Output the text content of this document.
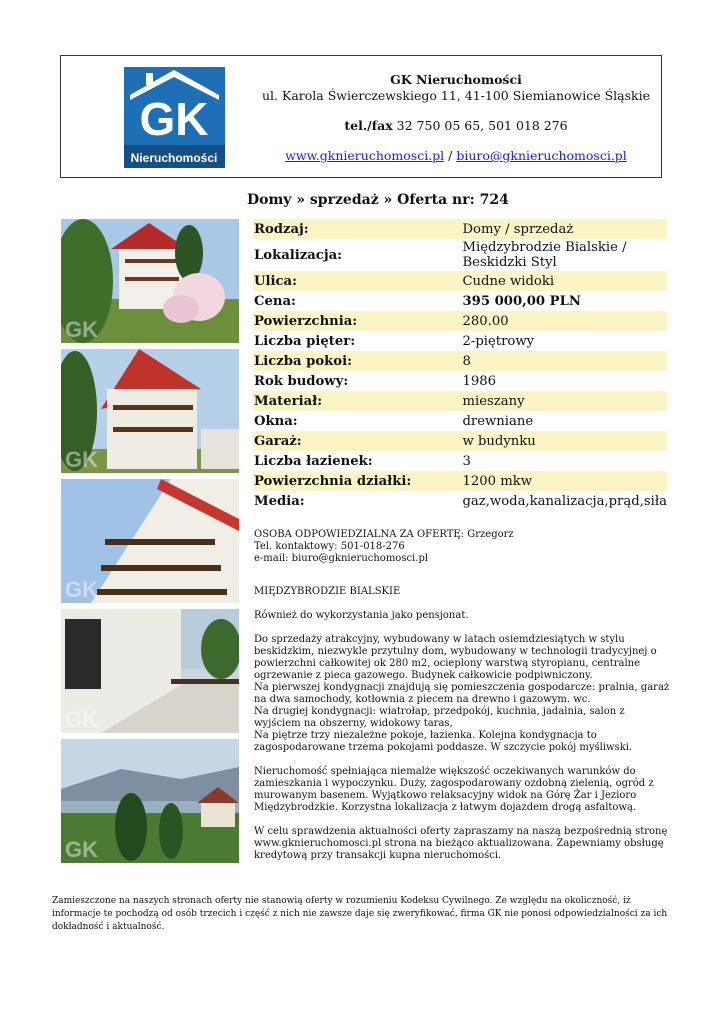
GK
Nieruchomości
GK Nieruchomości
ul. Karola Świerczewskiego 11, 41-100 Siemianowice Śląskie
tel./fax 32 750 05 65, 501 018 276
www.gknieruchomosci.pl / biuro@gknieruchomosci.pl
Domy » sprzedaż » Oferta nr: 724
GK
GK
GK
GK
GK
Rodzaj:	Domy / sprzedaż
Lokalizacja:	Międzybrodzie Bialskie / Beskidzki Styl
Ulica:	Cudne widoki
Cena:	395 000,00 PLN
Powierzchnia:	280.00
Liczba pięter:	2-piętrowy
Liczba pokoi:	8
Rok budowy:	1986
Materiał:	mieszany
Okna:	drewniane
Garaż:	w budynku
Liczba łazienek:	3
Powierzchnia działki:	1200 mkw
Media:	gaz,woda,kanalizacja,prąd,siła
OSOBA ODPOWIEDZIALNA ZA OFERTĘ: Grzegorz
Tel. kontaktowy: 501-018-276
e-mail: biuro@gknieruchomosci.pl

MIĘDZYBRODZIE BIALSKIE

Również do wykorzystania jako pensjonat.

Do sprzedaży atrakcyjny, wybudowany w latach osiemdziesiątych w stylu beskidzkim, niezwykle przytulny dom, wybudowany w technologii tradycyjnej o powierzchni całkowitej ok 280 m2, ocieplony warstwą styropianu, centralne ogrzewanie z pieca gazowego. Budynek całkowicie podpiwniczony.
Na pierwszej kondygnacji znajdują się pomieszczenia gospodarcze: pralnia, garaż na dwa samochody, kotłownia z piecem na drewno i gazowym. wc.
Na drugiej kondygnacji: wiatrołap, przedpokój, kuchnia, jadalnia, salon z wyjściem na obszerny, widokowy taras,
Na piętrze trzy niezależne pokoje, łazienka. Kolejna kondygnacja to zagospodarowane trzema pokojami poddasze. W szczycie pokój myśliwski.

Nieruchomość spełniająca niemalże większość oczekiwanych warunków do zamieszkania i wypoczynku. Duży, zagospodarowany ozdobną zielenią, ogród z murowanym basenem. Wyjątkowo relaksacyjny widok na Górę Żar i Jezioro Międzybrodzkie. Korzystna lokalizacja z łatwym dojazdem drogą asfaltową.

W celu sprawdzenia aktualności oferty zapraszamy na naszą bezpośrednią stronę www.gknieruchomosci.pl strona na bieżąco aktualizowana. Zapewniamy obsługę kredytową przy transakcji kupna nieruchomości.

Zamieszczone na naszych stronach oferty nie stanowią oferty w rozumieniu Kodeksu Cywilnego. Ze względu na okoliczność, iż informacje te pochodzą od osób trzecich i część z nich nie zawsze daje się zweryfikować, firma GK nie ponosi odpowiedzialności za ich dokładność i aktualność.
